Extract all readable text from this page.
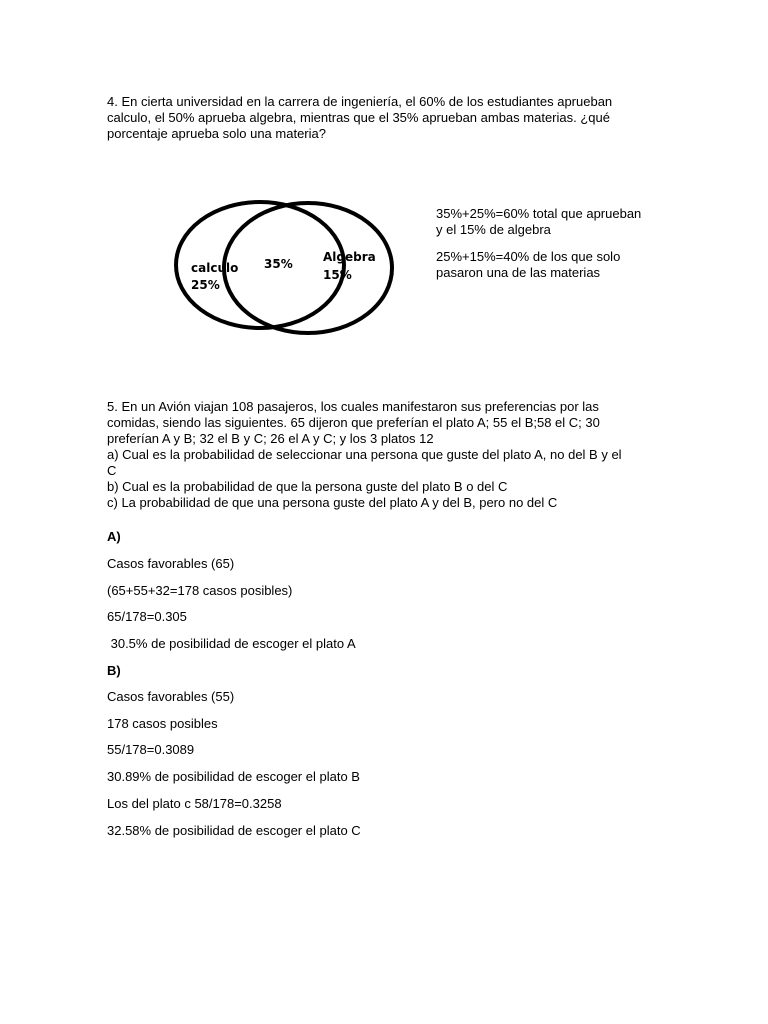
4. En cierta universidad en la carrera de ingeniería, el 60% de los estudiantes aprueban
calculo, el 50% aprueba algebra, mientras que el 35% aprueban ambas materias. ¿qué
porcentaje aprueba solo una materia?
calculo
25%
35%	Algebra
15%
35%+25%=60% total que aprueban
y el 15% de algebra
25%+15%=40% de los que solo
pasaron una de las materias
5. En un Avión viajan 108 pasajeros, los cuales manifestaron sus preferencias por las
comidas, siendo las siguientes. 65 dijeron que preferían el plato A; 55 el B;58 el C; 30
preferían A y B; 32 el B y C; 26 el A y C; y los 3 platos 12
a) Cual es la probabilidad de seleccionar una persona que guste del plato A, no del B y el
C
b) Cual es la probabilidad de que la persona guste del plato B o del C
c) La probabilidad de que una persona guste del plato A y del B, pero no del C
A)
Casos favorables (65)
(65+55+32=178 casos posibles)
65/178=0.305
30.5% de posibilidad de escoger el plato A
B)
Casos favorables (55)
178 casos posibles
55/178=0.3089
30.89% de posibilidad de escoger el plato B
Los del plato c 58/178=0.3258
32.58% de posibilidad de escoger el plato C
